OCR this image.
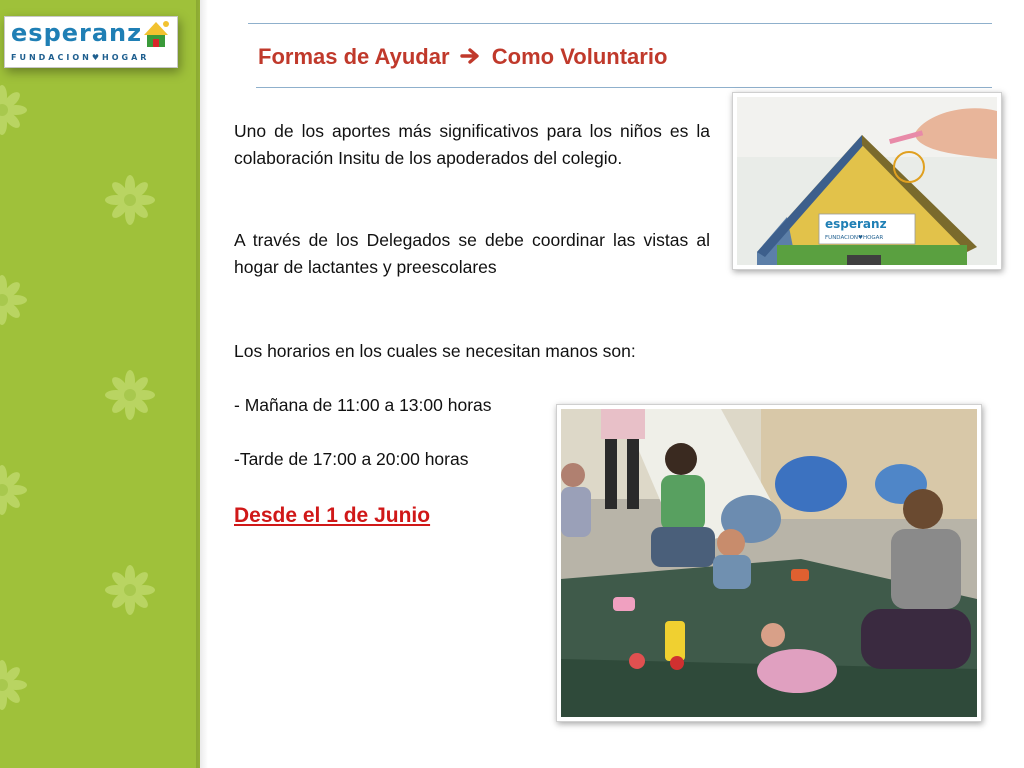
esperanz
FUNDACION♥HOGAR	Formas de Ayudar Como Voluntario
Uno de los aportes más significativos para los niños es la colaboración Insitu de los apoderados del colegio.
A través de los Delegados se debe coordinar las vistas al hogar de lactantes y preescolares
Los horarios en los cuales se necesitan manos son:
- Mañana de 11:00 a 13:00 horas
-Tarde de 17:00 a 20:00 horas
Desde el 1 de Junio
esperanz
FUNDACION♥HOGAR
